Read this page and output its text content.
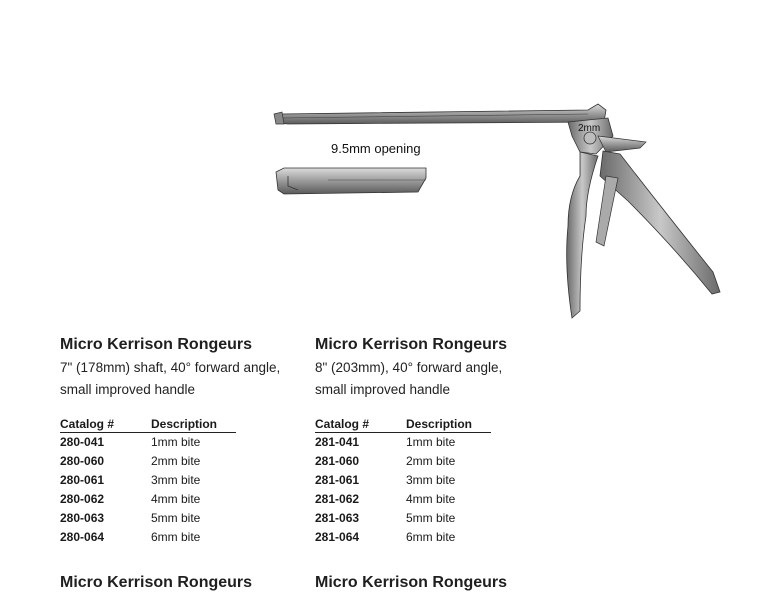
9.5mm opening
2mm
Micro Kerrison Rongeurs
7" (178mm) shaft, 40° forward angle,
small improved handle
Catalog #	Description
280-041	1mm bite
280-060	2mm bite
280-061	3mm bite
280-062	4mm bite
280-063	5mm bite
280-064	6mm bite
Micro Kerrison Rongeurs
8" (203mm), 40° forward angle,
small improved handle
Catalog #	Description
281-041	1mm bite
281-060	2mm bite
281-061	3mm bite
281-062	4mm bite
281-063	5mm bite
281-064	6mm bite
Micro Kerrison Rongeurs	Micro Kerrison Rongeurs
